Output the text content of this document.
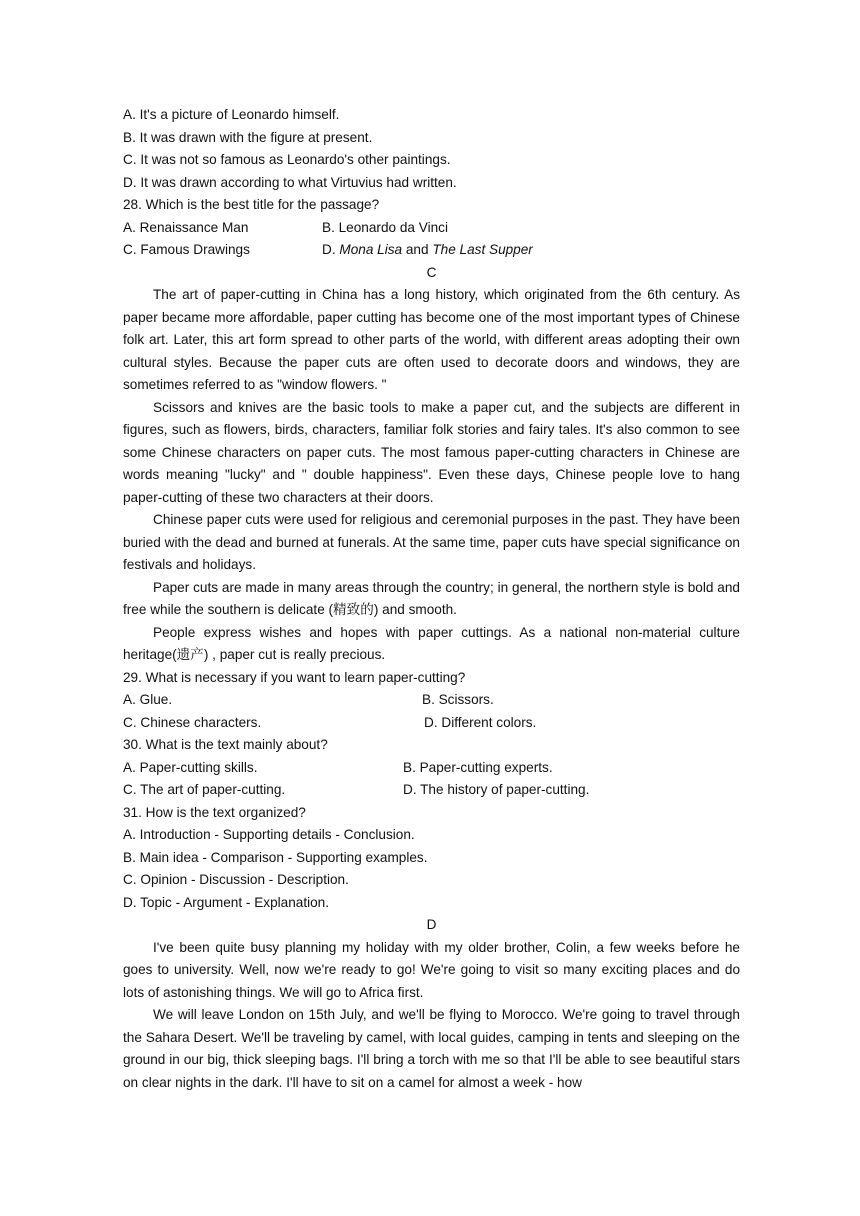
A. It's a picture of Leonardo himself.
B. It was drawn with the figure at present.
C. It was not so famous as Leonardo's other paintings.
D. It was drawn according to what Virtuvius had written.
28. Which is the best title for the passage?
A. Renaissance Man	B. Leonardo da Vinci
C. Famous Drawings	D. Mona Lisa and The Last Supper
C

The art of paper-cutting in China has a long history, which originated from the 6th century. As paper became more affordable, paper cutting has become one of the most important types of Chinese folk art. Later, this art form spread to other parts of the world, with different areas adopting their own cultural styles. Because the paper cuts are often used to decorate doors and windows, they are sometimes referred to as "window flowers. "

Scissors and knives are the basic tools to make a paper cut, and the subjects are different in figures, such as flowers, birds, characters, familiar folk stories and fairy tales. It's also common to see some Chinese characters on paper cuts. The most famous paper-cutting characters in Chinese are words meaning "lucky" and " double happiness". Even these days, Chinese people love to hang paper-cutting of these two characters at their doors.

Chinese paper cuts were used for religious and ceremonial purposes in the past. They have been buried with the dead and burned at funerals. At the same time, paper cuts have special significance on festivals and holidays.

Paper cuts are made in many areas through the country; in general, the northern style is bold and free while the southern is delicate (精致的) and smooth.

People express wishes and hopes with paper cuttings. As a national non-material culture heritage(遗产) , paper cut is really precious.

29. What is necessary if you want to learn paper-cutting?
A. Glue.	B. Scissors.
C. Chinese characters.	D. Different colors.
30. What is the text mainly about?
A. Paper-cutting skills.	B. Paper-cutting experts.
C. The art of paper-cutting.	D. The history of paper-cutting.
31. How is the text organized?
A. Introduction - Supporting details - Conclusion.
B. Main idea - Comparison - Supporting examples.
C. Opinion - Discussion - Description.
D. Topic - Argument - Explanation.
D

I've been quite busy planning my holiday with my older brother, Colin, a few weeks before he goes to university. Well, now we're ready to go! We're going to visit so many exciting places and do lots of astonishing things. We will go to Africa first.

We will leave London on 15th July, and we'll be flying to Morocco. We're going to travel through the Sahara Desert. We'll be traveling by camel, with local guides, camping in tents and sleeping on the ground in our big, thick sleeping bags. I'll bring a torch with me so that I'll be able to see beautiful stars on clear nights in the dark. I'll have to sit on a camel for almost a week - how
